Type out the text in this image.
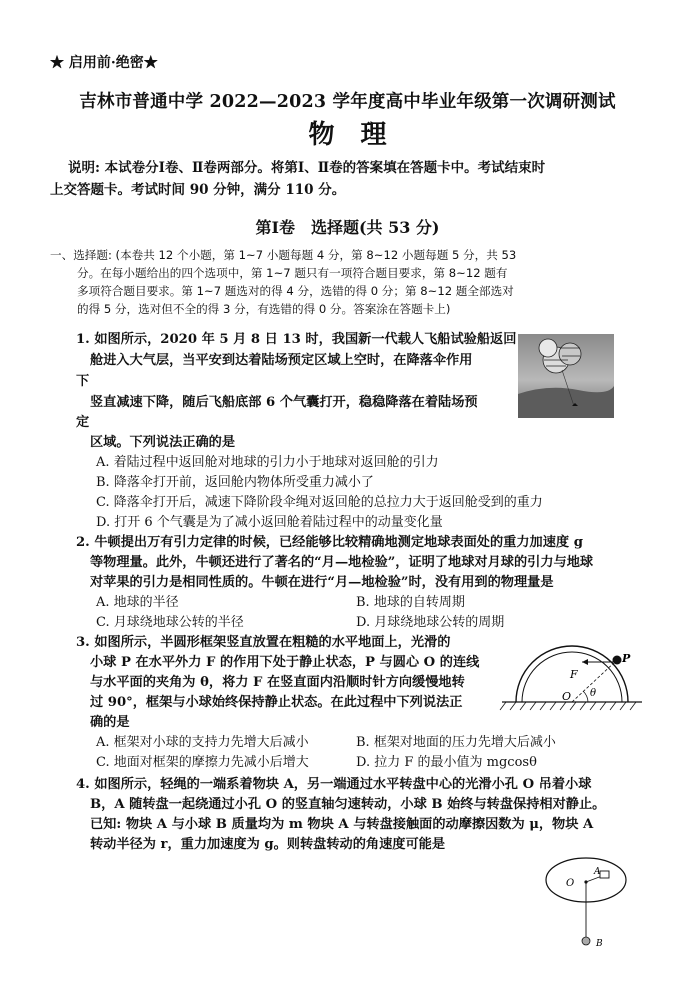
★ 启用前·绝密★
吉林市普通中学 2022—2023 学年度高中毕业年级第一次调研测试
物理
说明: 本试卷分Ⅰ卷、Ⅱ卷两部分。将第Ⅰ、Ⅱ卷的答案填在答题卡中。考试结束时
上交答题卡。考试时间 90 分钟，满分 110 分。
第Ⅰ卷　选择题(共 53 分)
一、选择题: (本卷共 12 个小题，第 1~7 小题每题 4 分，第 8~12 小题每题 5 分，共 53
分。在每小题给出的四个选项中，第 1~7 题只有一项符合题目要求，第 8~12 题有
多项符合题目要求。第 1~7 题选对的得 4 分，选错的得 0 分；第 8~12 题全部选对
的得 5 分，选对但不全的得 3 分，有选错的得 0 分。答案涂在答题卡上)
1. 如图所示，2020 年 5 月 8 日 13 时，我国新一代载人飞船试验船返回
舱进入大气层，当平安到达着陆场预定区域上空时，在降落伞作用
下
竖直减速下降，随后飞船底部 6 个气囊打开，稳稳降落在着陆场预
定
区域。下列说法正确的是
A. 着陆过程中返回舱对地球的引力小于地球对返回舱的引力
B. 降落伞打开前，返回舱内物体所受重力减小了
C. 降落伞打开后，减速下降阶段伞绳对返回舱的总拉力大于返回舱受到的重力
D. 打开 6 个气囊是为了减小返回舱着陆过程中的动量变化量
2. 牛顿提出万有引力定律的时候，已经能够比较精确地测定地球表面处的重力加速度 g
等物理量。此外，牛顿还进行了著名的“月—地检验”，证明了地球对月球的引力与地球
对苹果的引力是相同性质的。牛顿在进行“月—地检验”时，没有用到的物理量是
A. 地球的半径	B. 地球的自转周期
C. 月球绕地球公转的半径	D. 月球绕地球公转的周期
3. 如图所示，半圆形框架竖直放置在粗糙的水平地面上，光滑的
小球 P 在水平外力 F 的作用下处于静止状态，P 与圆心 O 的连线
与水平面的夹角为 θ，将力 F 在竖直面内沿顺时针方向缓慢地转
过 90°，框架与小球始终保持静止状态。在此过程中下列说法正
确的是
A. 框架对小球的支持力先增大后减小	B. 框架对地面的压力先增大后减小
C. 地面对框架的摩擦力先减小后增大	D. 拉力 F 的最小值为 mgcosθ
F
P
O θ
4. 如图所示，轻绳的一端系着物块 A，另一端通过水平转盘中心的光滑小孔 O 吊着小球
B，A 随转盘一起绕通过小孔 O 的竖直轴匀速转动，小球 B 始终与转盘保持相对静止。
已知: 物块 A 与小球 B 质量均为 m 物块 A 与转盘接触面的动摩擦因数为 μ，物块 A
转动半径为 r，重力加速度为 g。则转盘转动的角速度可能是
O
A
B
